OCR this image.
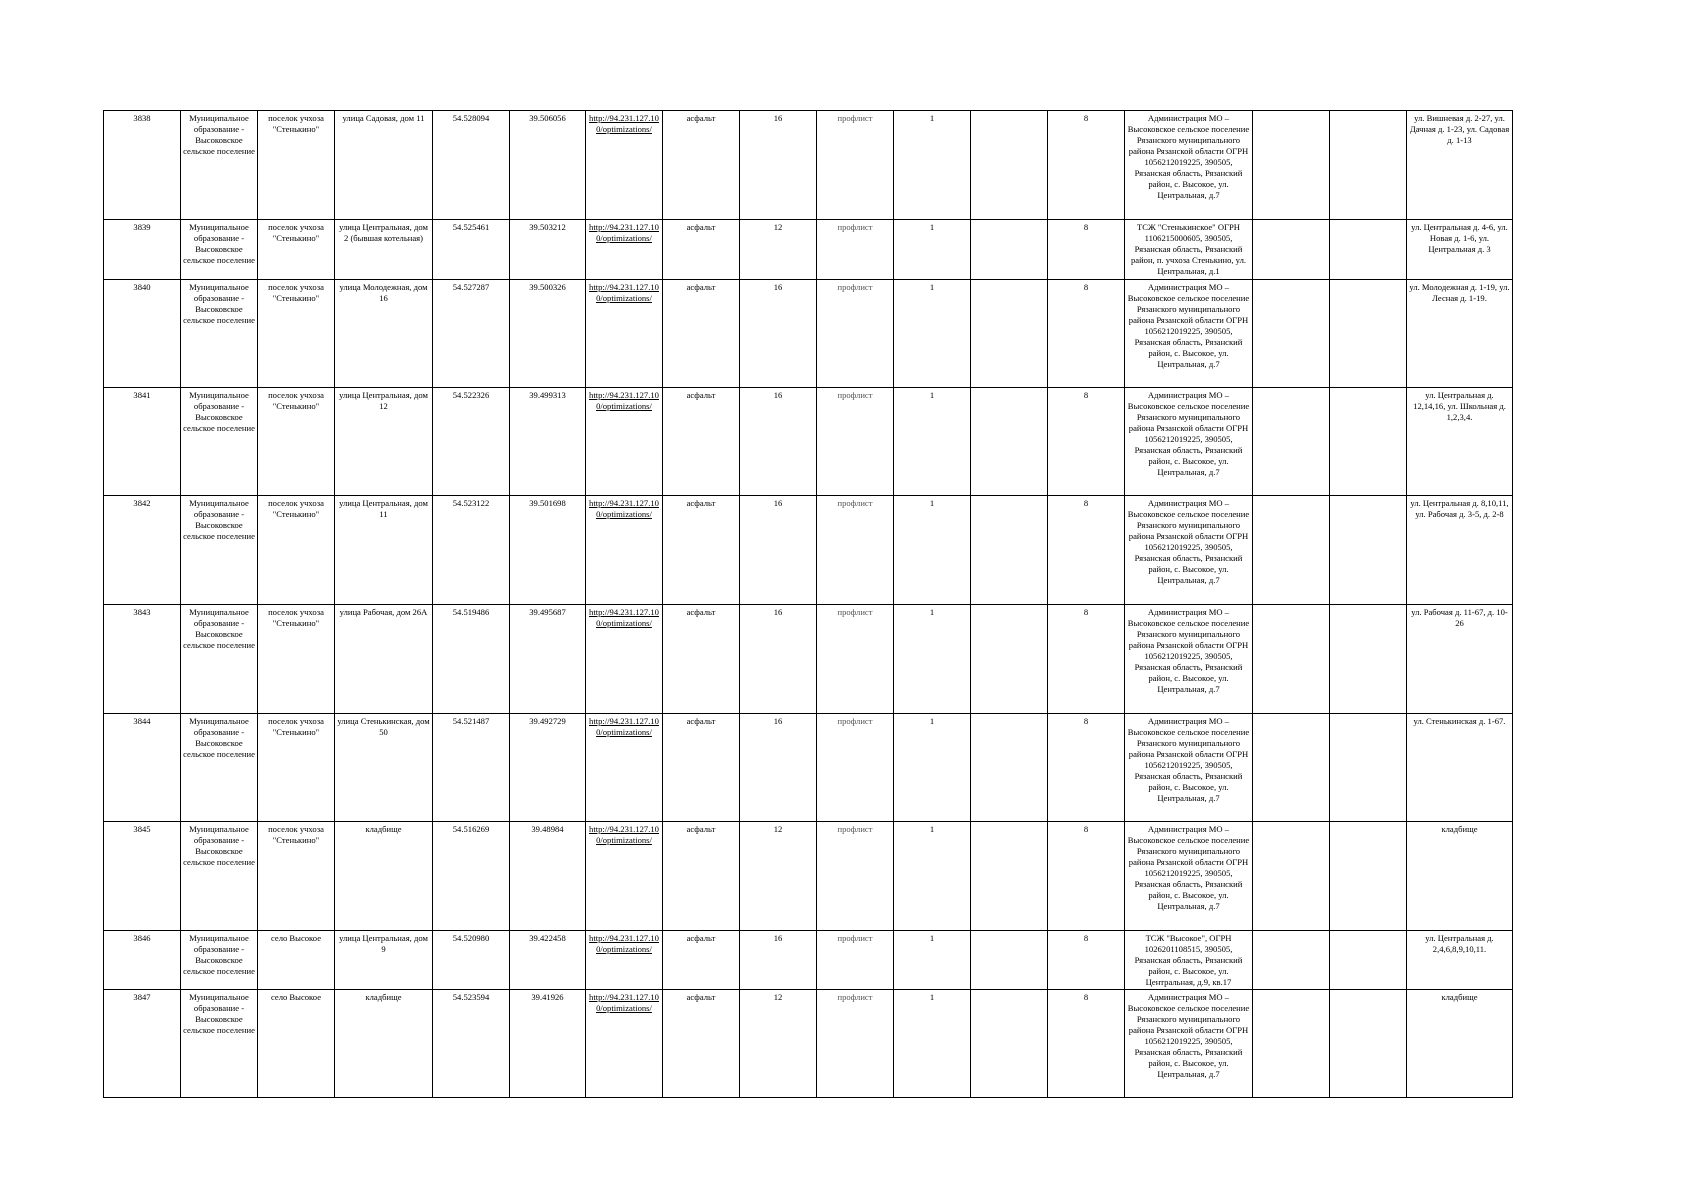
3838	Муниципальное образование - Высоковское сельское поселение	поселок учхоза "Стенькино"	улица Садовая, дом 11	54.528094	39.506056	http://94.231.127.10 0/optimizations/	асфальт	16	профлист	1		8	Администрация МО – Высоковское сельское поселение Рязанского муниципального района Рязанской области ОГРН 1056212019225, 390505, Рязанская область, Рязанский район, с. Высокое, ул. Центральная, д.7			ул. Вишневая д. 2-27, ул. Дачная д. 1-23, ул. Садовая д. 1-13
3839	Муниципальное образование - Высоковское сельское поселение	поселок учхоза "Стенькино"	улица Центральная, дом 2 (бывшая котельная)	54.525461	39.503212	http://94.231.127.10 0/optimizations/	асфальт	12	профлист	1		8	ТСЖ "Стенькинское" ОГРН 1106215000605, 390505, Рязанская область, Рязанский район, п. учхоза Стенькино, ул. Центральная, д.1			ул. Центральная д. 4-6, ул. Новая д. 1-6, ул. Центральная д. 3
3840	Муниципальное образование - Высоковское сельское поселение	поселок учхоза "Стенькино"	улица Молодежная, дом 16	54.527287	39.500326	http://94.231.127.10 0/optimizations/	асфальт	16	профлист	1		8	Администрация МО – Высоковское сельское поселение Рязанского муниципального района Рязанской области ОГРН 1056212019225, 390505, Рязанская область, Рязанский район, с. Высокое, ул. Центральная, д.7			ул. Молодежная д. 1-19, ул. Лесная д. 1-19.
3841	Муниципальное образование - Высоковское сельское поселение	поселок учхоза "Стенькино"	улица Центральная, дом 12	54.522326	39.499313	http://94.231.127.10 0/optimizations/	асфальт	16	профлист	1		8	Администрация МО – Высоковское сельское поселение Рязанского муниципального района Рязанской области ОГРН 1056212019225, 390505, Рязанская область, Рязанский район, с. Высокое, ул. Центральная, д.7			ул. Центральная д. 12,14,16, ул. Школьная д. 1,2,3,4.
3842	Муниципальное образование - Высоковское сельское поселение	поселок учхоза "Стенькино"	улица Центральная, дом 11	54.523122	39.501698	http://94.231.127.10 0/optimizations/	асфальт	16	профлист	1		8	Администрация МО – Высоковское сельское поселение Рязанского муниципального района Рязанской области ОГРН 1056212019225, 390505, Рязанская область, Рязанский район, с. Высокое, ул. Центральная, д.7			ул. Центральная д. 8,10,11, ул. Рабочая д. 3-5, д. 2-8
3843	Муниципальное образование - Высоковское сельское поселение	поселок учхоза "Стенькино"	улица Рабочая, дом 26А	54.519486	39.495687	http://94.231.127.10 0/optimizations/	асфальт	16	профлист	1		8	Администрация МО – Высоковское сельское поселение Рязанского муниципального района Рязанской области ОГРН 1056212019225, 390505, Рязанская область, Рязанский район, с. Высокое, ул. Центральная, д.7			ул. Рабочая д. 11-67, д. 10-26
3844	Муниципальное образование - Высоковское сельское поселение	поселок учхоза "Стенькино"	улица Стенькинская, дом 50	54.521487	39.492729	http://94.231.127.10 0/optimizations/	асфальт	16	профлист	1		8	Администрация МО – Высоковское сельское поселение Рязанского муниципального района Рязанской области ОГРН 1056212019225, 390505, Рязанская область, Рязанский район, с. Высокое, ул. Центральная, д.7			ул. Стенькинская д. 1-67.
3845	Муниципальное образование - Высоковское сельское поселение	поселок учхоза "Стенькино"	кладбище	54.516269	39.48984	http://94.231.127.10 0/optimizations/	асфальт	12	профлист	1		8	Администрация МО – Высоковское сельское поселение Рязанского муниципального района Рязанской области ОГРН 1056212019225, 390505, Рязанская область, Рязанский район, с. Высокое, ул. Центральная, д.7			кладбище
3846	Муниципальное образование - Высоковское сельское поселение	село Высокое	улица Центральная, дом 9	54.520980	39.422458	http://94.231.127.10 0/optimizations/	асфальт	16	профлист	1		8	ТСЖ "Высокое", ОГРН 1026201108515, 390505, Рязанская область, Рязанский район, с. Высокое, ул. Центральная, д.9, кв.17			ул. Центральная д. 2,4,6,8,9,10,11.
3847	Муниципальное образование - Высоковское сельское поселение	село Высокое	кладбище	54.523594	39.41926	http://94.231.127.10 0/optimizations/	асфальт	12	профлист	1		8	Администрация МО – Высоковское сельское поселение Рязанского муниципального района Рязанской области ОГРН 1056212019225, 390505, Рязанская область, Рязанский район, с. Высокое, ул. Центральная, д.7			кладбище
